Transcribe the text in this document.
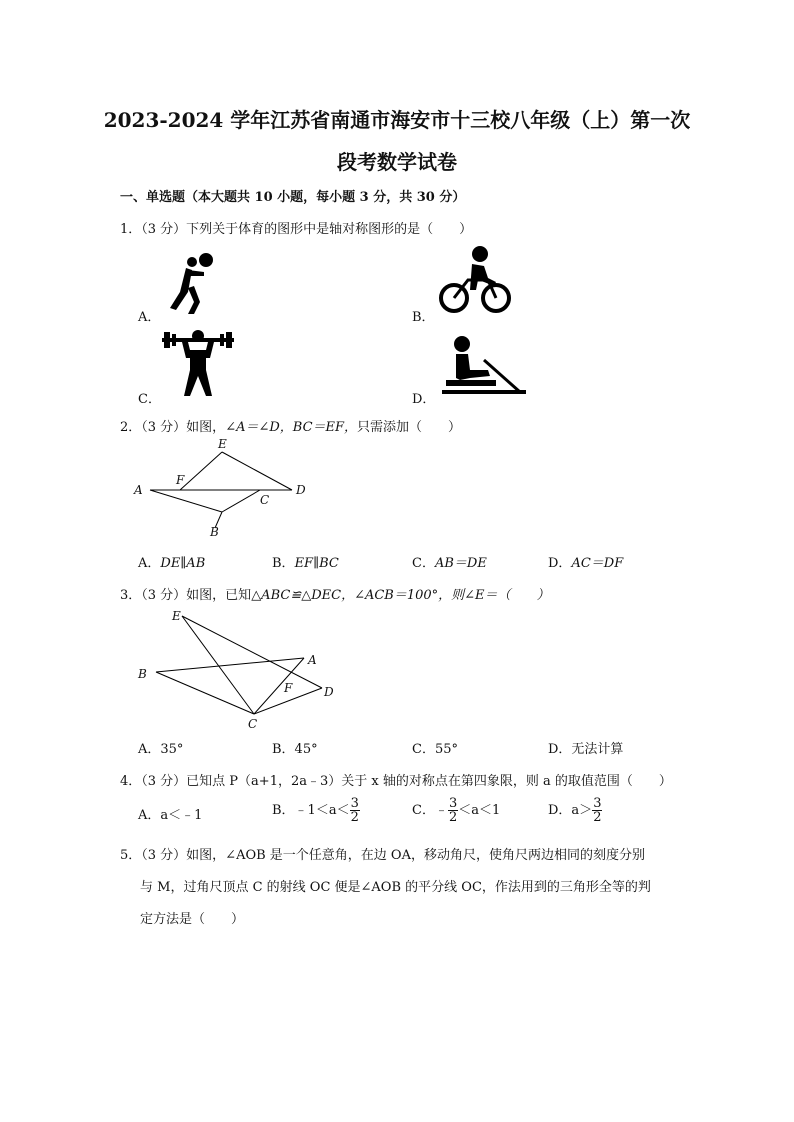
2023-2024 学年江苏省南通市海安市十三校八年级（上）第一次
段考数学试卷
一、单选题（本大题共 10 小题，每小题 3 分，共 30 分）
1．（3 分）下列关于体育的图形中是轴对称图形的是（　　）
A．	B．
C．	D．
2．（3 分）如图，∠A＝∠D，BC＝EF，只需添加（　　）
A
B
C
D
E
F
A．DE∥AB	B．EF∥BC	C．AB＝DE	D．AC＝DF
3．（3 分）如图，已知△ABC≌△DEC，∠ACB＝100°，则∠E＝（　　）
E
B
A
F	D
C
A．35°	B．45°	C．55°	D．无法计算
4．（3 分）已知点 P（a+1，2a﹣3）关于 x 轴的对称点在第四象限，则 a 的取值范围（　　）
A．a＜﹣1	B．﹣1＜a＜ $\frac{3}{2}$	C．﹣ $\frac{3}{2} <a<1$	D．$a> \frac{3}{2}$
5．（3 分）如图，∠AOB 是一个任意角，在边 OA，移动角尺，使角尺两边相同的刻度分别
与 M，过角尺顶点 C 的射线 OC 便是∠AOB 的平分线 OC，作法用到的三角形全等的判
定方法是（　　）
